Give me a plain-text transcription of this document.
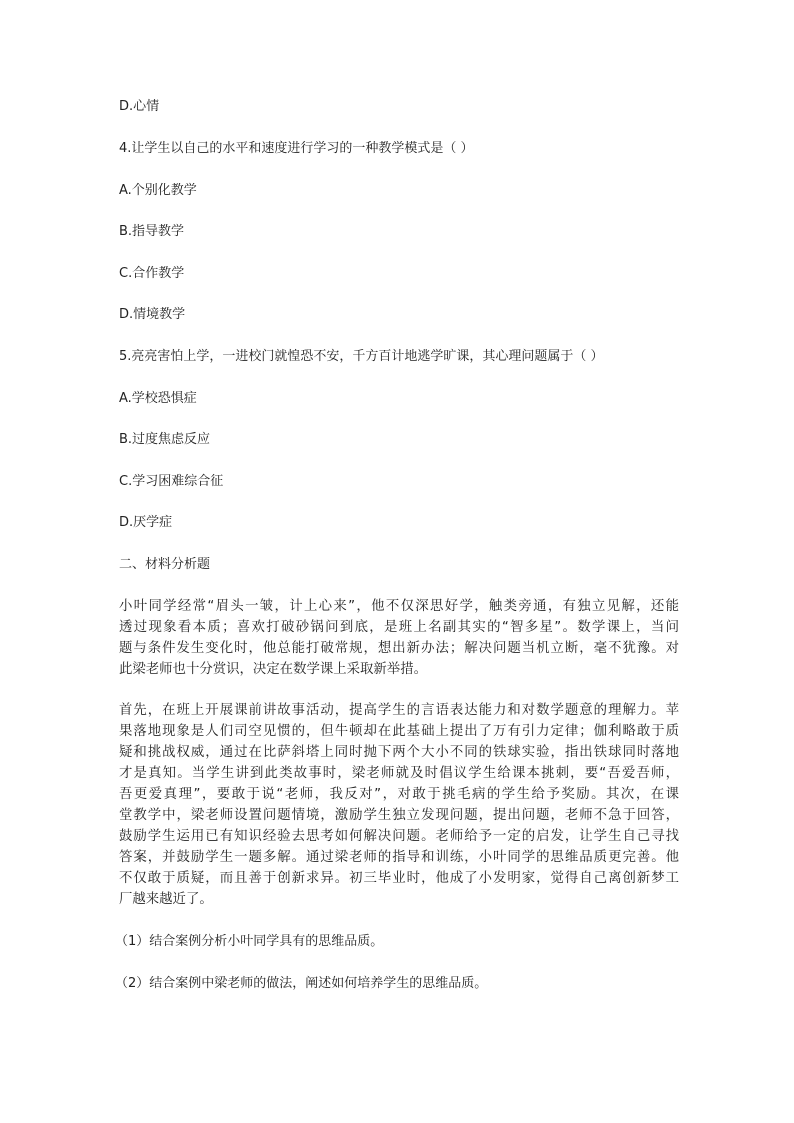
D.心情

4.让学生以自己的水平和速度进行学习的一种教学模式是（ ）

A.个别化教学

B.指导教学

C.合作教学

D.情境教学

5.亮亮害怕上学，一进校门就惶恐不安，千方百计地逃学旷课，其心理问题属于（ ）

A.学校恐惧症

B.过度焦虑反应

C.学习困难综合征

D.厌学症

二、材料分析题

小叶同学经常“眉头一皱，计上心来”，他不仅深思好学，触类旁通，有独立见解，还能
透过现象看本质；喜欢打破砂锅问到底，是班上名副其实的“智多星”。数学课上，当问
题与条件发生变化时，他总能打破常规，想出新办法；解决问题当机立断，毫不犹豫。对
此梁老师也十分赏识，决定在数学课上采取新举措。
首先，在班上开展课前讲故事活动，提高学生的言语表达能力和对数学题意的理解力。苹
果落地现象是人们司空见惯的，但牛顿却在此基础上提出了万有引力定律；伽利略敢于质
疑和挑战权威，通过在比萨斜塔上同时抛下两个大小不同的铁球实验，指出铁球同时落地
才是真知。当学生讲到此类故事时，梁老师就及时倡议学生给课本挑刺，要“吾爱吾师，
吾更爱真理”，要敢于说“老师，我反对”，对敢于挑毛病的学生给予奖励。其次，在课
堂教学中，梁老师设置问题情境，激励学生独立发现问题，提出问题，老师不急于回答，
鼓励学生运用已有知识经验去思考如何解决问题。老师给予一定的启发，让学生自己寻找
答案，并鼓励学生一题多解。通过梁老师的指导和训练，小叶同学的思维品质更完善。他
不仅敢于质疑，而且善于创新求异。初三毕业时，他成了小发明家，觉得自己离创新梦工
厂越来越近了。

（1）结合案例分析小叶同学具有的思维品质。

（2）结合案例中梁老师的做法，阐述如何培养学生的思维品质。
